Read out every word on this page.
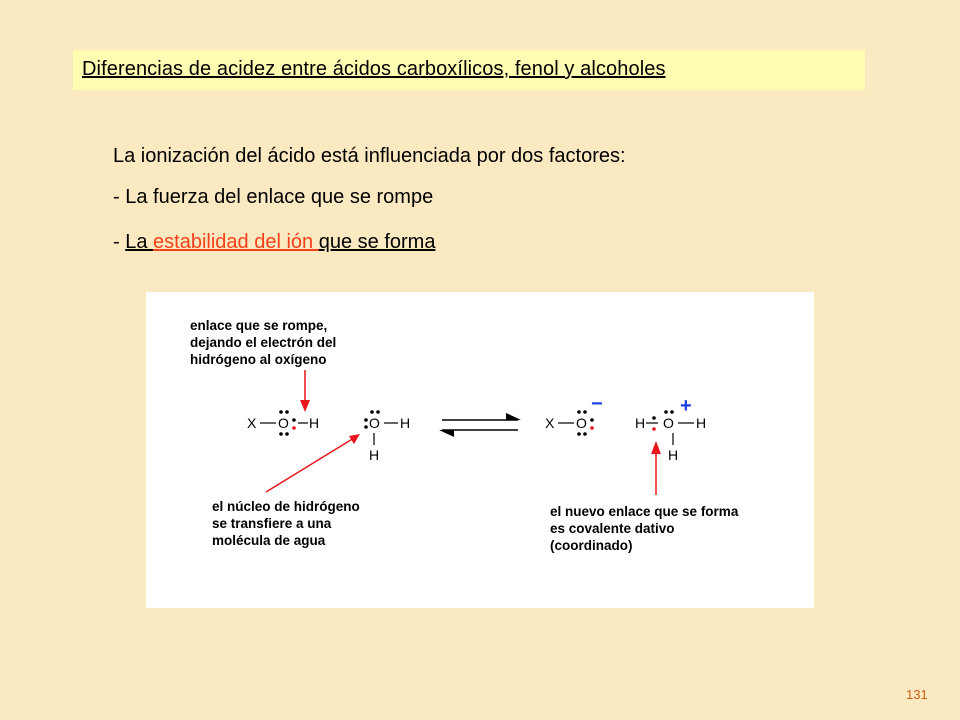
Diferencias de acidez entre ácidos carboxílicos, fenol y alcoholes
La ionización del ácido está influenciada por dos factores:
- La fuerza del enlace que se rompe
- La estabilidad del ión que se forma
enlace que se rompe,
dejando el electrón del
hidrógeno al oxígeno
el núcleo de hidrógeno
se transfiere a una
molécula de agua
el nuevo enlace que se forma
es covalente dativo
(coordinado)
X O H	O H
H
X O
−
H O H
H
+
131
